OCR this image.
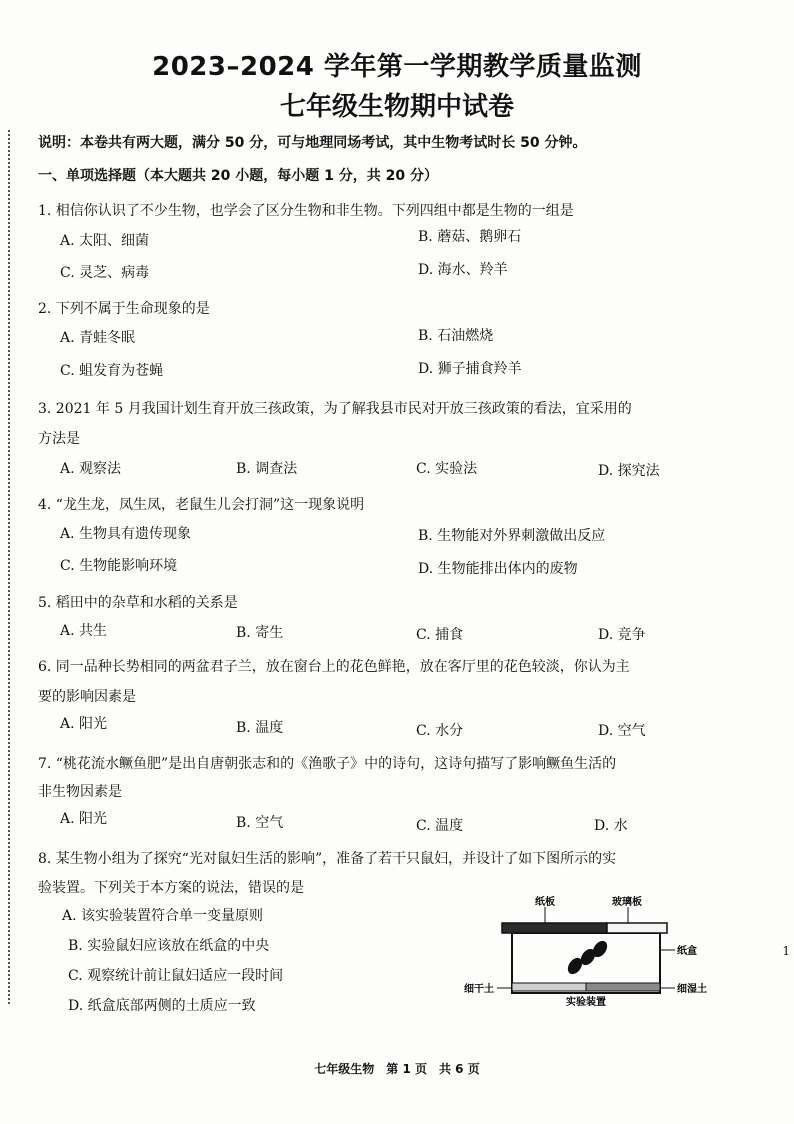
2023–2024 学年第一学期教学质量监测
七年级生物期中试卷
说明：本卷共有两大题，满分 50 分，可与地理同场考试，其中生物考试时长 50 分钟。
一、单项选择题（本大题共 20 小题，每小题 1 分，共 20 分）
1. 相信你认识了不少生物，也学会了区分生物和非生物。下列四组中都是生物的一组是
A. 太阳、细菌	B. 蘑菇、鹅卵石
C. 灵芝、病毒	D. 海水、羚羊
2. 下列不属于生命现象的是
A. 青蛙冬眠	B. 石油燃烧
C. 蛆发育为苍蝇	D. 狮子捕食羚羊
3. 2021 年 5 月我国计划生育开放三孩政策，为了解我县市民对开放三孩政策的看法，宜采用的
方法是
A. 观察法	B. 调查法	C. 实验法	D. 探究法
4. “龙生龙，凤生凤，老鼠生儿会打洞”这一现象说明
A. 生物具有遗传现象	B. 生物能对外界刺激做出反应
C. 生物能影响环境	D. 生物能排出体内的废物
5. 稻田中的杂草和水稻的关系是
A. 共生	B. 寄生	C. 捕食	D. 竞争
6. 同一品种长势相同的两盆君子兰，放在窗台上的花色鲜艳，放在客厅里的花色较淡，你认为主
要的影响因素是
A. 阳光	B. 温度	C. 水分	D. 空气
7. “桃花流水鳜鱼肥”是出自唐朝张志和的《渔歌子》中的诗句，这诗句描写了影响鳜鱼生活的
非生物因素是
A. 阳光	B. 空气	C. 温度	D. 水
8. 某生物小组为了探究“光对鼠妇生活的影响”，准备了若干只鼠妇，并设计了如下图所示的实
验装置。下列关于本方案的说法，错误的是
A. 该实验装置符合单一变量原则
B. 实验鼠妇应该放在纸盒的中央
C. 观察统计前让鼠妇适应一段时间
D. 纸盒底部两侧的土质应一致
纸板	玻璃板
纸盒
细干土	细湿土
实验装置
1
七年级生物　第 1 页　共 6 页
